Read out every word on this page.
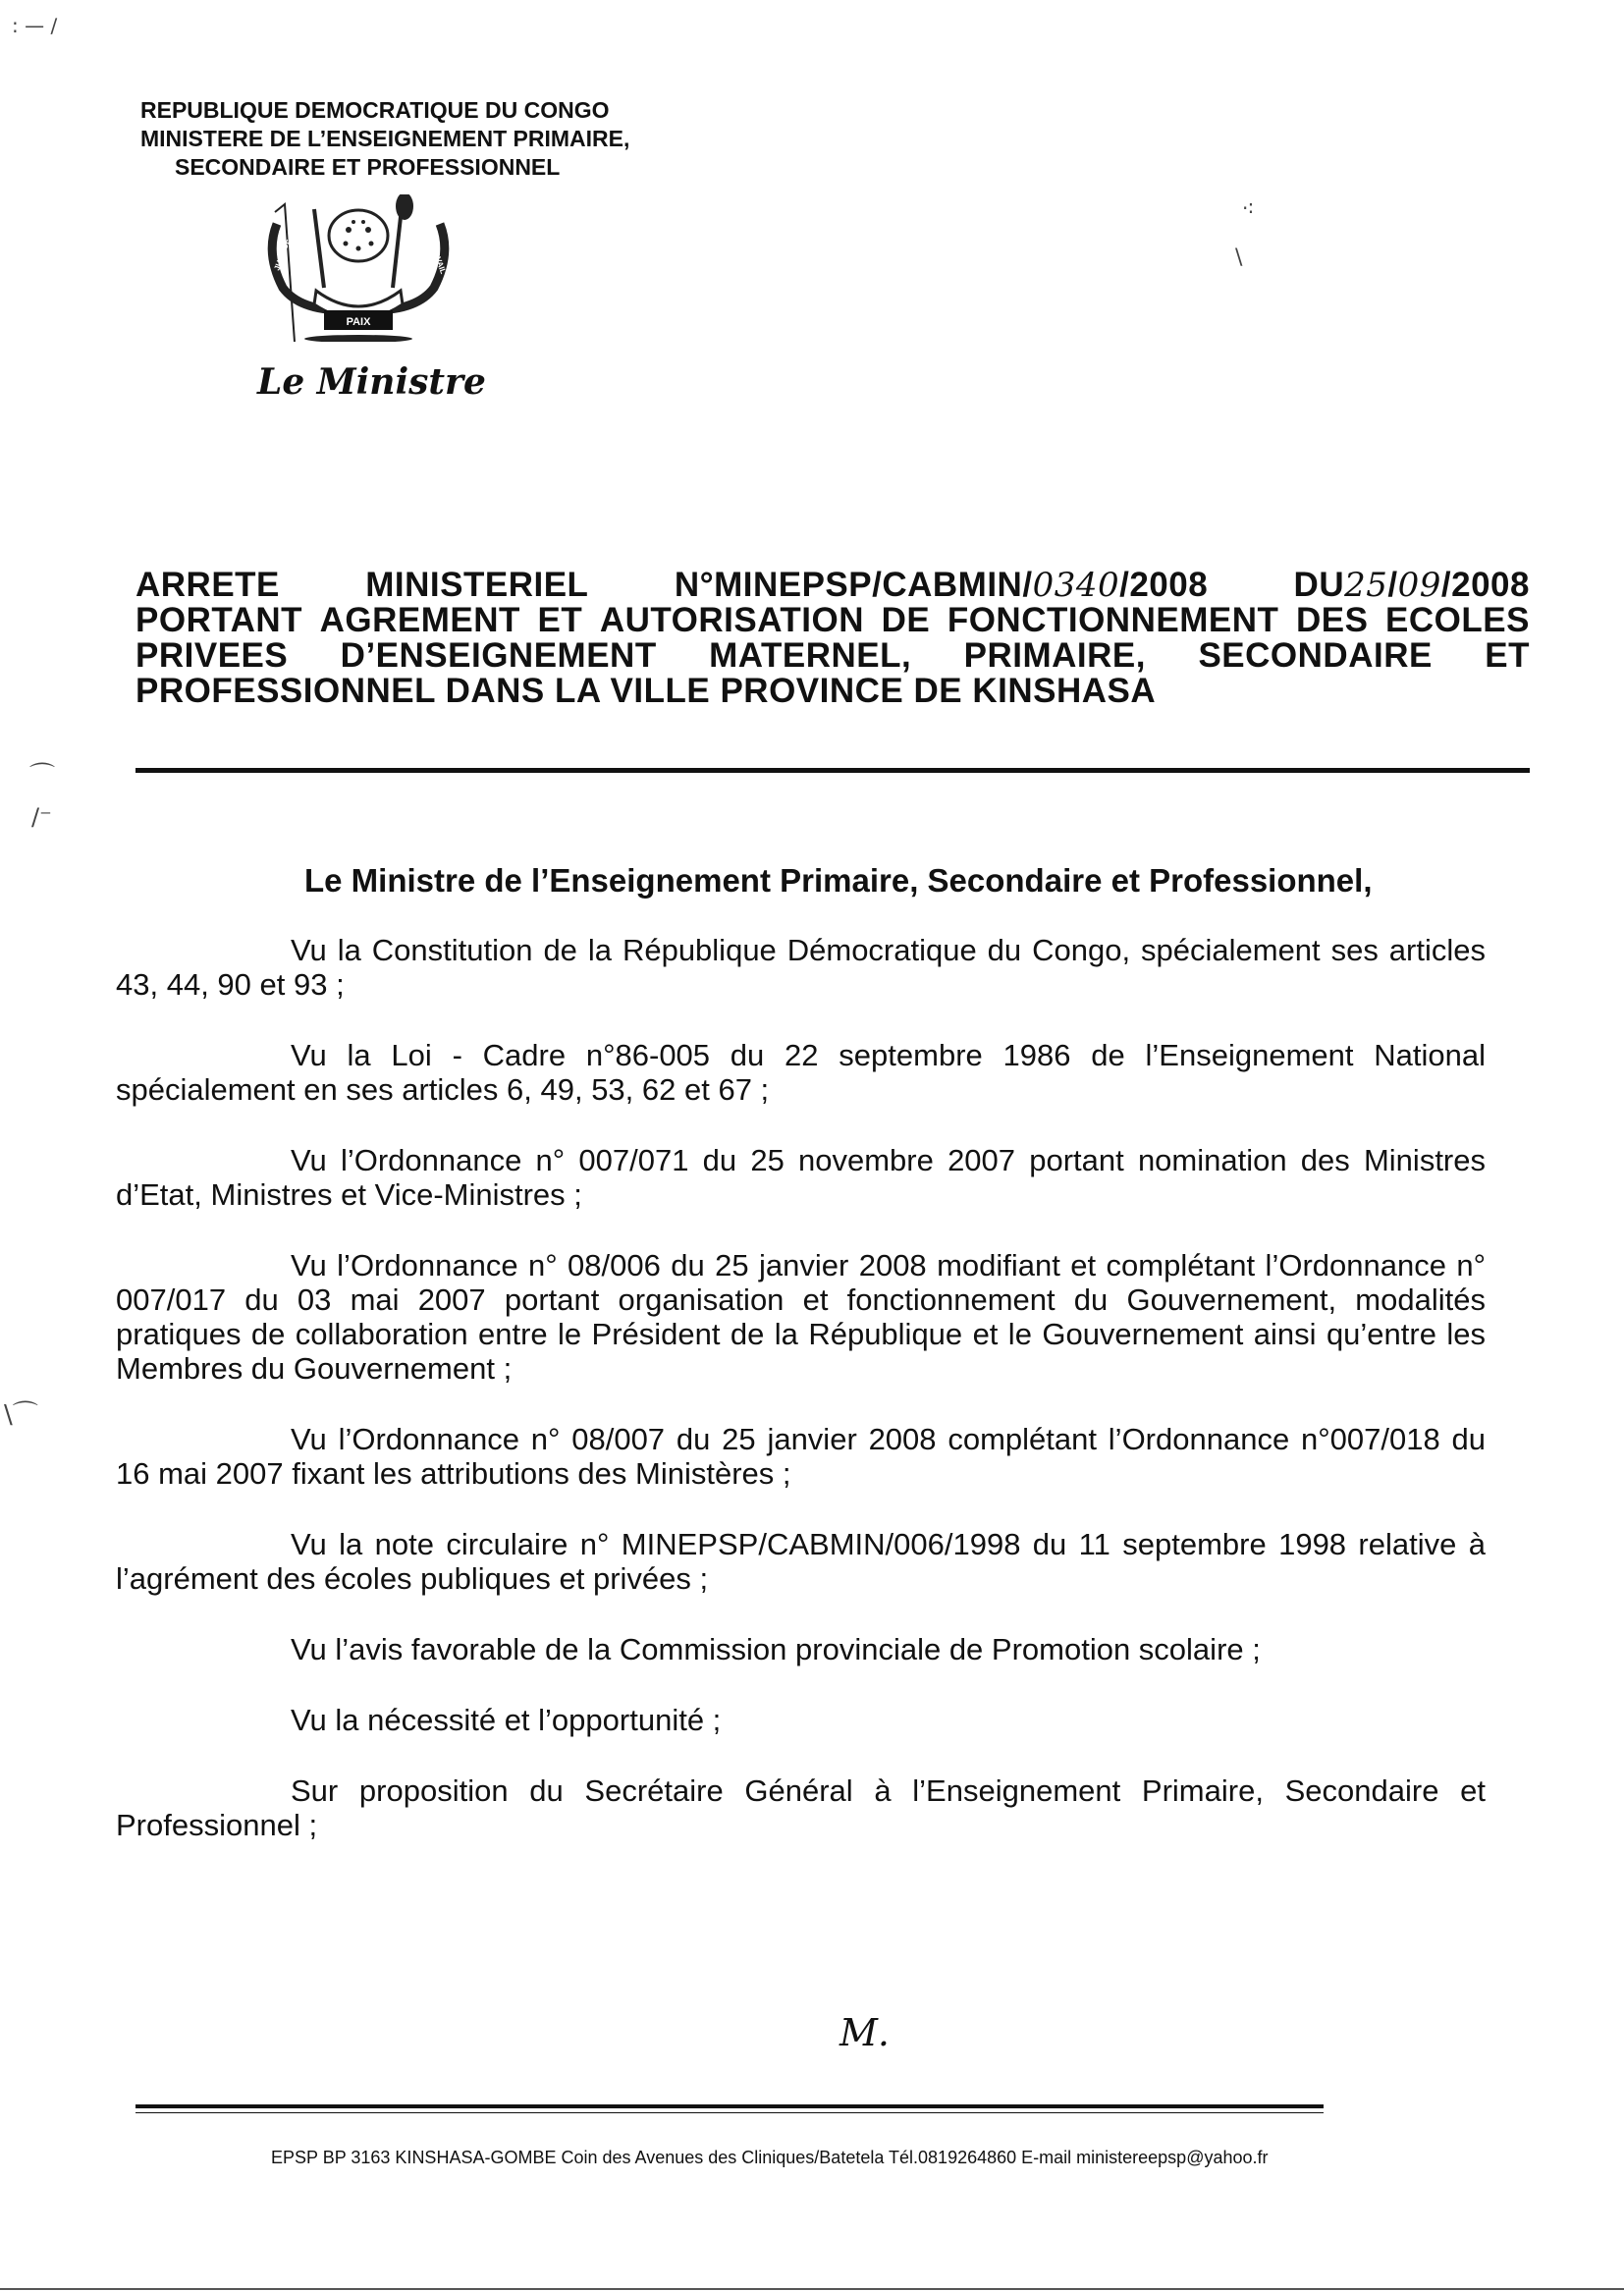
: — ∕
·∶
\
⌒
/⁻
\⌒
REPUBLIQUE DEMOCRATIQUE DU CONGO
MINISTERE DE L’ENSEIGNEMENT PRIMAIRE,
SECONDAIRE ET PROFESSIONNEL
PAIX
JUSTICE	TRAVAIL
Le Ministre
ARRETE MINISTERIEL N°MINEPSP/CABMIN/0340/2008 DU25/09/2008
PORTANT AGREMENT ET AUTORISATION DE FONCTIONNEMENT DES ECOLES
PRIVEES D’ENSEIGNEMENT MATERNEL, PRIMAIRE, SECONDAIRE ET
PROFESSIONNEL DANS LA VILLE PROVINCE DE KINSHASA
Le Ministre de l’Enseignement Primaire, Secondaire et Professionnel,
Vu la Constitution de la République Démocratique du Congo, spécialement ses articles 43, 44, 90 et 93 ;
Vu la Loi - Cadre n°86-005 du 22 septembre 1986 de l’Enseignement National spécialement en ses articles 6, 49, 53, 62 et 67 ;
Vu l’Ordonnance n° 007/071 du 25 novembre 2007 portant nomination des Ministres d’Etat, Ministres et Vice-Ministres ;
Vu l’Ordonnance n° 08/006 du 25 janvier 2008 modifiant et complétant l’Ordonnance n° 007/017 du 03 mai 2007 portant organisation et fonctionnement du Gouvernement, modalités pratiques de collaboration entre le Président de la République et le Gouvernement ainsi qu’entre les Membres du Gouvernement ;
Vu l’Ordonnance n° 08/007 du 25 janvier 2008 complétant l’Ordonnance n°007/018 du 16 mai 2007 fixant les attributions des Ministères ;
Vu la note circulaire n° MINEPSP/CABMIN/006/1998 du 11 septembre 1998 relative à l’agrément des écoles publiques et privées ;
Vu l’avis favorable de la Commission provinciale de Promotion scolaire ;
Vu la nécessité et l’opportunité ;
Sur proposition du Secrétaire Général à l’Enseignement Primaire, Secondaire et Professionnel ;
M.
EPSP BP 3163 KINSHASA-GOMBE Coin des Avenues des Cliniques/Batetela Tél.0819264860 E-mail ministereepsp@yahoo.fr
